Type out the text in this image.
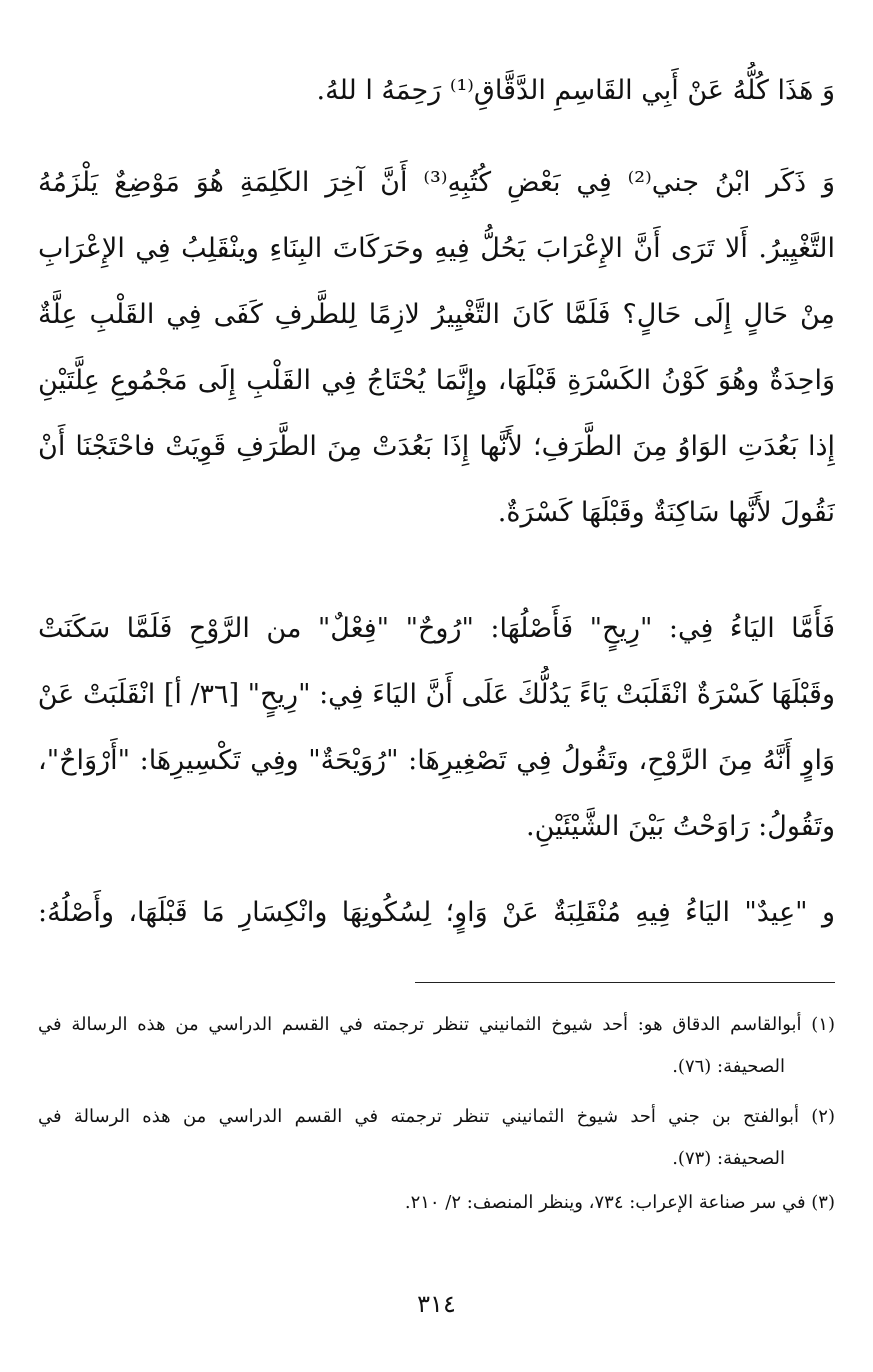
وَ هَذَا كُلُّهُ عَنْ أَبِي القَاسِمِ الدَّقَّاقِ⁽¹⁾ رَحِمَهُ ا للهُ.
وَ ذَكَر ابْنُ جني⁽²⁾ فِي بَعْضِ كُتُبِهِ⁽³⁾ أَنَّ آخِرَ الكَلِمَةِ هُوَ مَوْضِعٌ يَلْزَمُهُ
التَّغْيِيرُ. أَلا تَرَى أَنَّ الإِعْرَابَ يَحُلُّ فِيهِ وحَرَكَاتَ البِنَاءِ وينْقَلِبُ فِي الإِعْرَابِ
مِنْ حَالٍ إِلَى حَالٍ؟ فَلَمَّا كَانَ التَّغْيِيرُ لازِمًا لِلطَّرفِ كَفَى فِي القَلْبِ عِلَّةٌ
وَاحِدَةٌ وهُوَ كَوْنُ الكَسْرَةِ قَبْلَهَا، وإِنَّمَا يُحْتَاجُ فِي القَلْبِ إِلَى مَجْمُوعِ عِلَّتَيْنِ
إِذا بَعُدَتِ الوَاوُ مِنَ الطَّرَفِ؛ لأَنَّها إِذَا بَعُدَتْ مِنَ الطَّرَفِ قَوِيَتْ فاحْتَجْنَا أَنْ
نَقُولَ لأَنَّها سَاكِنَةٌ وقَبْلَهَا كَسْرَةٌ.
فَأَمَّا اليَاءُ فِي: "رِيحٍ" فَأَصْلُهَا: "رُوحٌ" "فِعْلٌ" من الرَّوْحِ فَلَمَّا سَكَنَتْ
وقَبْلَهَا كَسْرَةٌ انْقَلَبَتْ يَاءً يَدُلُّكَ عَلَى أَنَّ اليَاءَ فِي: "رِيحٍ" [٣٦/ أ] انْقَلَبَتْ عَنْ
وَاوٍ أَنَّهُ مِنَ الرَّوْحِ، وتَقُولُ فِي تَصْغِيرِهَا: "رُوَيْحَةٌ" وفِي تَكْسِيرِهَا: "أَرْوَاحٌ"،
وتَقُولُ: رَاوَحْتُ بَيْنَ الشَّيْئَيْنِ.
و "عِيدٌ" اليَاءُ فِيهِ مُنْقَلِبَةٌ عَنْ وَاوٍ؛ لِسُكُونِهَا وانْكِسَارِ مَا قَبْلَهَا، وأَصْلُهُ:
(١) أبوالقاسم الدقاق هو: أحد شيوخ الثمانيني تنظر ترجمته في القسم الدراسي من هذه الرسالة في
الصحيفة: (٧٦).
(٢) أبوالفتح بن جني أحد شيوخ الثمانيني تنظر ترجمته في القسم الدراسي من هذه الرسالة في
الصحيفة: (٧٣).
(٣) في سر صناعة الإعراب: ٧٣٤، وينظر المنصف: ٢/ ٢١٠.
٣١٤
